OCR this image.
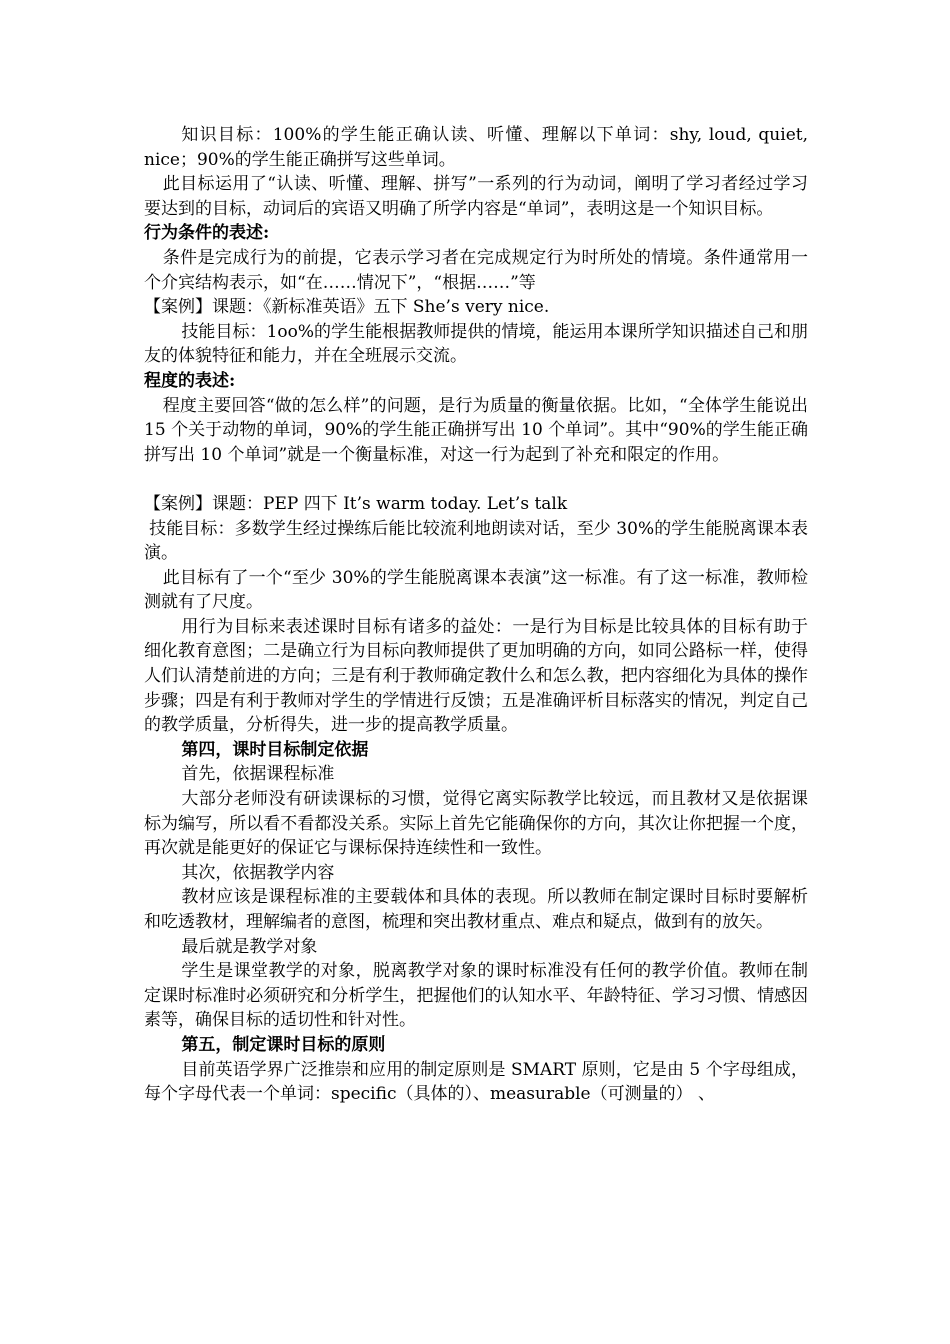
知识目标：100%的学生能正确认读、听懂、理解以下单词：shy, loud, quiet, nice；90%的学生能正确拼写这些单词。

此目标运用了“认读、听懂、理解、拼写”一系列的行为动词，阐明了学习者经过学习要达到的目标，动词后的宾语又明确了所学内容是“单词”，表明这是一个知识目标。

行为条件的表述:

条件是完成行为的前提，它表示学习者在完成规定行为时所处的情境。条件通常用一个介宾结构表示，如“在……情况下”，“根据……”等

【案例】课题：《新标准英语》五下 She’s very nice.

技能目标：1oo%的学生能根据教师提供的情境，能运用本课所学知识描述自己和朋友的体貌特征和能力，并在全班展示交流。

程度的表述:

程度主要回答“做的怎么样”的问题，是行为质量的衡量依据。比如，“全体学生能说出 15 个关于动物的单词，90%的学生能正确拼写出 10 个单词”。其中“90%的学生能正确拼写出 10 个单词”就是一个衡量标准，对这一行为起到了补充和限定的作用。

【案例】课题：PEP 四下 It’s warm today. Let’s talk

技能目标：多数学生经过操练后能比较流利地朗读对话，至少 30%的学生能脱离课本表演。

此目标有了一个“至少 30%的学生能脱离课本表演”这一标准。有了这一标准，教师检测就有了尺度。

用行为目标来表述课时目标有诸多的益处：一是行为目标是比较具体的目标有助于细化教育意图；二是确立行为目标向教师提供了更加明确的方向，如同公路标一样，使得人们认清楚前进的方向；三是有利于教师确定教什么和怎么教，把内容细化为具体的操作步骤；四是有利于教师对学生的学情进行反馈；五是准确评析目标落实的情况，判定自己的教学质量，分析得失，进一步的提高教学质量。

第四，课时目标制定依据

首先，依据课程标准

大部分老师没有研读课标的习惯，觉得它离实际教学比较远，而且教材又是依据课标为编写，所以看不看都没关系。实际上首先它能确保你的方向，其次让你把握一个度，再次就是能更好的保证它与课标保持连续性和一致性。

其次，依据教学内容

教材应该是课程标准的主要载体和具体的表现。所以教师在制定课时目标时要解析和吃透教材，理解编者的意图，梳理和突出教材重点、难点和疑点，做到有的放矢。

最后就是教学对象

学生是课堂教学的对象，脱离教学对象的课时标准没有任何的教学价值。教师在制定课时标准时必须研究和分析学生，把握他们的认知水平、年龄特征、学习习惯、情感因素等，确保目标的适切性和针对性。

第五，制定课时目标的原则

目前英语学界广泛推崇和应用的制定原则是 SMART 原则，它是由 5 个字母组成，每个字母代表一个单词：specific（具体的）、measurable（可测量的） 、
